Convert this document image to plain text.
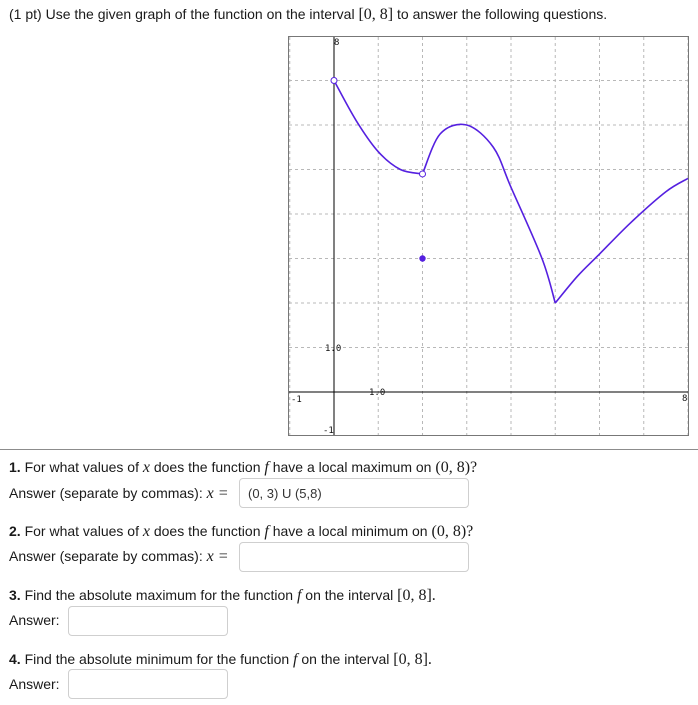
(1 pt) Use the given graph of the function on the interval [0, 8] to answer the following questions.
8
1.0
1.0
-1	8
-1
1. For what values of x does the function f have a local maximum on (0, 8)?
Answer (separate by commas): x =
(0, 3) U (5,8)
2. For what values of x does the function f have a local minimum on (0, 8)?
Answer (separate by commas): x =
3. Find the absolute maximum for the function f on the interval [0, 8].
Answer:
4. Find the absolute minimum for the function f on the interval [0, 8].
Answer:
